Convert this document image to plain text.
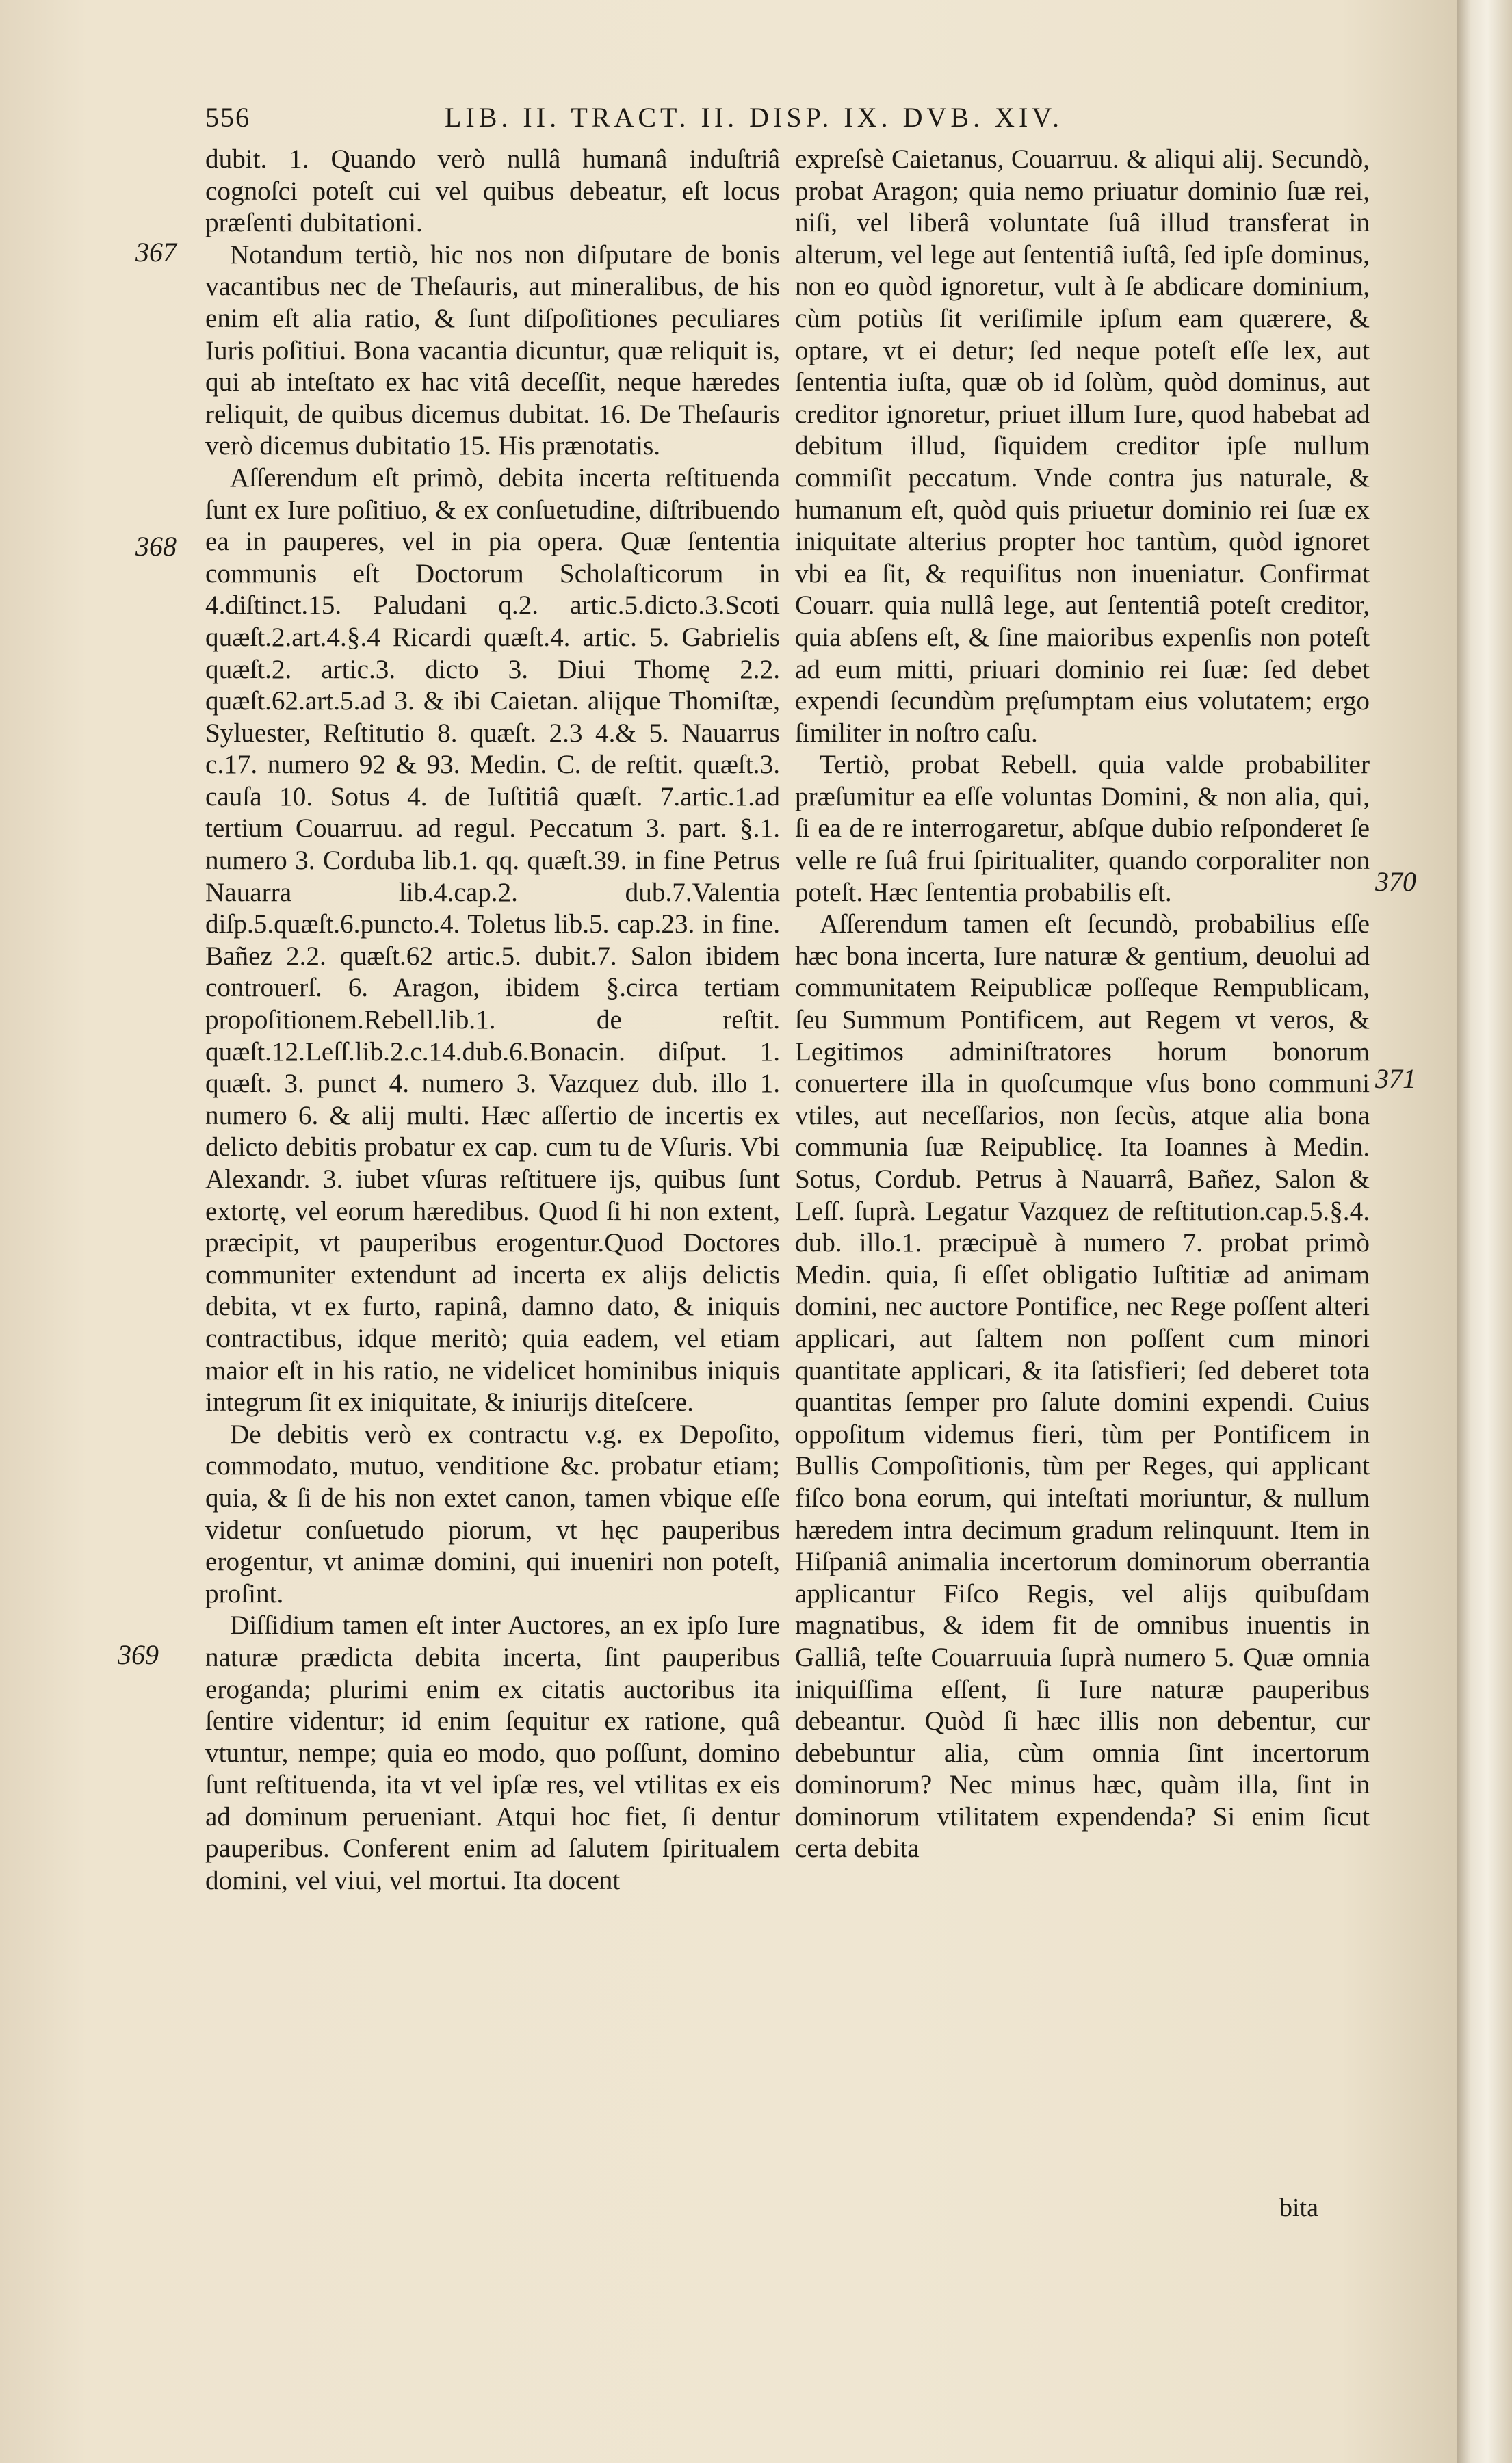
556	LIB. II. TRACT. II. DISP. IX. DVB. XIV.

dubit. 1. Quando verò nullâ humanâ induſtriâ cognoſci poteſt cui vel quibus debeatur, eſt locus præſenti dubitationi.

Notandum tertiò, hic nos non diſputare de bonis vacantibus nec de Theſauris, aut mineralibus, de his enim eſt alia ratio, & ſunt diſpoſitiones peculiares Iuris poſitiui. Bona vacantia dicuntur, quæ reliquit is, qui ab inteſtato ex hac vitâ deceſſit, neque hæredes reliquit, de quibus dicemus dubitat. 16. De Theſauris verò dicemus dubitatio 15. His prænotatis.

Aſſerendum eſt primò, debita incerta reſtituenda ſunt ex Iure poſitiuo, & ex conſuetudine, diſtribuendo ea in pauperes, vel in pia opera. Quæ ſententia communis eſt Doctorum Scholaſticorum in 4.diſtinct.15. Paludani q.2. artic.5.dicto.3.Scoti quæſt.2.art.4.§.4 Ricardi quæſt.4. artic. 5. Gabrielis quæſt.2. artic.3. dicto 3. Diui Thomę 2.2. quæſt.62.art.5.ad 3. & ibi Caietan. aliįque Thomiſtæ, Syluester, Reſtitutio 8. quæſt. 2.3 4.& 5. Nauarrus c.17. numero 92 & 93. Medin. C. de reſtit. quæſt.3. cauſa 10. Sotus 4. de Iuſtitiâ quæſt. 7.artic.1.ad tertium Couarruu. ad regul. Peccatum 3. part. §.1. numero 3. Corduba lib.1. qq. quæſt.39. in fine Petrus Nauarra lib.4.cap.2. dub.7.Valentia diſp.5.quæſt.6.puncto.4. Toletus lib.5. cap.23. in fine. Bañez 2.2. quæſt.62 artic.5. dubit.7. Salon ibidem controuerſ. 6. Aragon, ibidem §.circa tertiam propoſitionem.Rebell.lib.1. de reſtit. quæſt.12.Leſſ.lib.2.c.14.dub.6.Bonacin. diſput. 1. quæſt. 3. punct 4. numero 3. Vazquez dub. illo 1. numero 6. & alij multi. Hæc aſſertio de incertis ex delicto debitis probatur ex cap. cum tu de Vſuris. Vbi Alexandr. 3. iubet vſuras reſtituere ijs, quibus ſunt extortę, vel eorum hæredibus. Quod ſi hi non extent, præcipit, vt pauperibus erogentur.Quod Doctores communiter extendunt ad incerta ex alijs delictis debita, vt ex furto, rapinâ, damno dato, & iniquis contractibus, idque meritò; quia eadem, vel etiam maior eſt in his ratio, ne videlicet hominibus iniquis integrum ſit ex iniquitate, & iniurijs diteſcere.

De debitis verò ex contractu v.g. ex Depoſito, commodato, mutuo, venditione &c. probatur etiam; quia, & ſi de his non extet canon, tamen vbique eſſe videtur conſuetudo piorum, vt hęc pauperibus erogentur, vt animæ domini, qui inueniri non poteſt, proſint.

Diſſidium tamen eſt inter Auctores, an ex ipſo Iure naturæ prædicta debita incerta, ſint pauperibus eroganda; plurimi enim ex citatis auctoribus ita ſentire videntur; id enim ſequitur ex ratione, quâ vtuntur, nempe; quia eo modo, quo poſſunt, domino ſunt reſtituenda, ita vt vel ipſæ res, vel vtilitas ex eis ad dominum perueniant. Atqui hoc fiet, ſi dentur pauperibus. Conferent enim ad ſalutem ſpiritualem domini, vel viui, vel mortui. Ita docent

expreſsè Caietanus, Couarruu. & aliqui alij. Secundò, probat Aragon; quia nemo priuatur dominio ſuæ rei, niſi, vel liberâ voluntate ſuâ illud transferat in alterum, vel lege aut ſententiâ iuſtâ, ſed ipſe dominus, non eo quòd ignoretur, vult à ſe abdicare dominium, cùm potiùs ſit veriſimile ipſum eam quærere, & optare, vt ei detur; ſed neque poteſt eſſe lex, aut ſententia iuſta, quæ ob id ſolùm, quòd dominus, aut creditor ignoretur, priuet illum Iure, quod habebat ad debitum illud, ſiquidem creditor ipſe nullum commiſit peccatum. Vnde contra jus naturale, & humanum eſt, quòd quis priuetur dominio rei ſuæ ex iniquitate alterius propter hoc tantùm, quòd ignoret vbi ea ſit, & requiſitus non inueniatur. Confirmat Couarr. quia nullâ lege, aut ſententiâ poteſt creditor, quia abſens eſt, & ſine maioribus expenſis non poteſt ad eum mitti, priuari dominio rei ſuæ: ſed debet expendi ſecundùm pręſumptam eius volutatem; ergo ſimiliter in noſtro caſu.

Tertiò, probat Rebell. quia valde probabiliter præſumitur ea eſſe voluntas Domini, & non alia, qui, ſi ea de re interrogaretur, abſque dubio reſponderet ſe velle re ſuâ frui ſpiritualiter, quando corporaliter non poteſt. Hæc ſententia probabilis eſt.

Aſſerendum tamen eſt ſecundò, probabilius eſſe hæc bona incerta, Iure naturæ & gentium, deuolui ad communitatem Reipublicæ poſſeque Rempublicam, ſeu Summum Pontificem, aut Regem vt veros, & Legitimos adminiſtratores horum bonorum conuertere illa in quoſcumque vſus bono communi vtiles, aut neceſſarios, non ſecùs, atque alia bona communia ſuæ Reipublicę. Ita Ioannes à Medin. Sotus, Cordub. Petrus à Nauarrâ, Bañez, Salon & Leſſ. ſuprà. Legatur Vazquez de reſtitution.cap.5.§.4. dub. illo.1. præcipuè à numero 7. probat primò Medin. quia, ſi eſſet obligatio Iuſtitiæ ad animam domini, nec auctore Pontifice, nec Rege poſſent alteri applicari, aut ſaltem non poſſent cum minori quantitate applicari, & ita ſatisfieri; ſed deberet tota quantitas ſemper pro ſalute domini expendi. Cuius oppoſitum videmus fieri, tùm per Pontificem in Bullis Compoſitionis, tùm per Reges, qui applicant fiſco bona eorum, qui inteſtati moriuntur, & nullum hæredem intra decimum gradum relinquunt. Item in Hiſpaniâ animalia incertorum dominorum oberrantia applicantur Fiſco Regis, vel alijs quibuſdam magnatibus, & idem fit de omnibus inuentis in Galliâ, teſte Couarruuia ſuprà numero 5. Quæ omnia iniquiſſima eſſent, ſi Iure naturæ pauperibus debeantur. Quòd ſi hæc illis non debentur, cur debebuntur alia, cùm omnia ſint incertorum dominorum? Nec minus hæc, quàm illa, ſint in dominorum vtilitatem expendenda? Si enim ſicut certa debita

367
368
369
370
371
bita
